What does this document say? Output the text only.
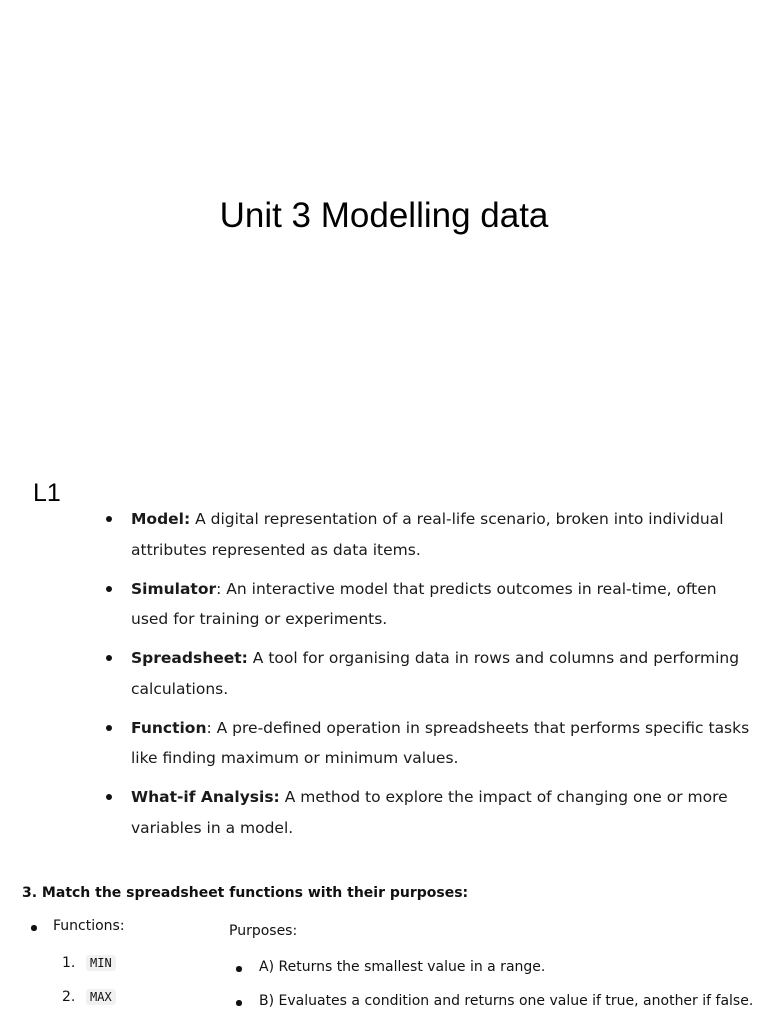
Unit 3 Modelling data
L1
Model: A digital representation of a real-life scenario, broken into individual attributes represented as data items.
Simulator: An interactive model that predicts outcomes in real-time, often used for training or experiments.
Spreadsheet: A tool for organising data in rows and columns and performing calculations.
Function: A pre-defined operation in spreadsheets that performs specific tasks like finding maximum or minimum values.
What-if Analysis: A method to explore the impact of changing one or more variables in a model.
3. Match the spreadsheet functions with their purposes:
Functions:	Purposes:
1. MIN
2. MAX
A) Returns the smallest value in a range.
B) Evaluates a condition and returns one value if true, another if false.
